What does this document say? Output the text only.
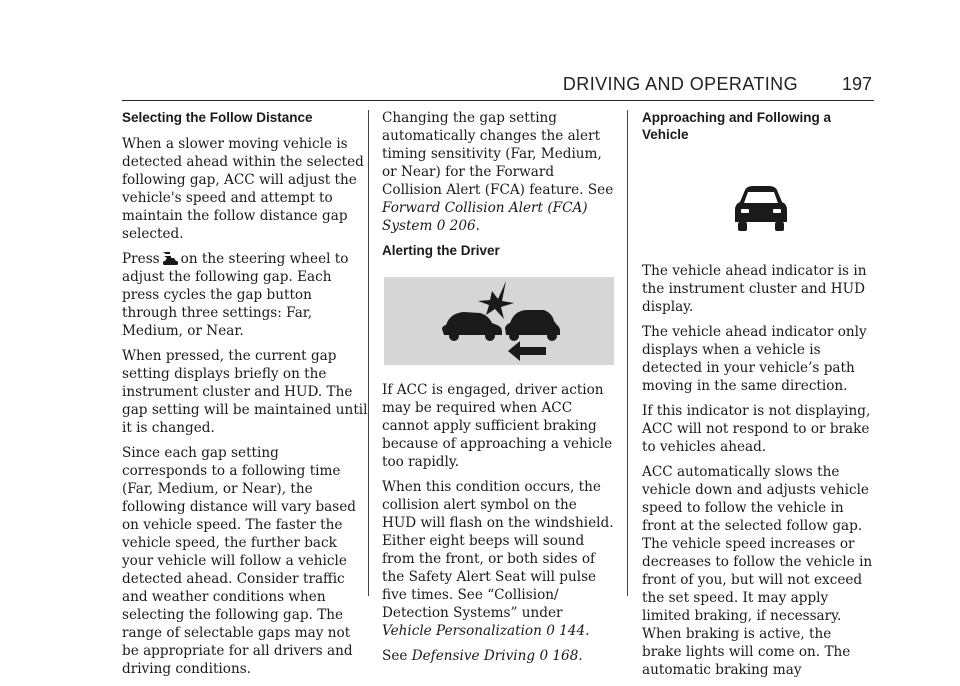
DRIVING AND OPERATING 197
Selecting the Follow Distance

When a slower moving vehicle is detected ahead within the selected following gap, ACC will adjust the vehicle's speed and attempt to maintain the follow distance gap selected.

Press on the steering wheel to adjust the following gap. Each press cycles the gap button through three settings: Far, Medium, or Near.

When pressed, the current gap setting displays briefly on the instrument cluster and HUD. The gap setting will be maintained until it is changed.

Since each gap setting corresponds to a following time (Far, Medium, or Near), the following distance will vary based on vehicle speed. The faster the vehicle speed, the further back your vehicle will follow a vehicle detected ahead. Consider traffic and weather conditions when selecting the following gap. The range of selectable gaps may not be appropriate for all drivers and driving conditions.

Changing the gap setting automatically changes the alert timing sensitivity (Far, Medium, or Near) for the Forward Collision Alert (FCA) feature. See Forward Collision Alert (FCA) System 0 206.

Alerting the Driver

If ACC is engaged, driver action may be required when ACC cannot apply sufficient braking because of approaching a vehicle too rapidly.

When this condition occurs, the collision alert symbol on the HUD will flash on the windshield. Either eight beeps will sound from the front, or both sides of the Safety Alert Seat will pulse five times. See “Collision/ Detection Systems” under Vehicle Personalization 0 144.

See Defensive Driving 0 168.

Approaching and Following a Vehicle

The vehicle ahead indicator is in the instrument cluster and HUD display.

The vehicle ahead indicator only displays when a vehicle is detected in your vehicle’s path moving in the same direction.

If this indicator is not displaying, ACC will not respond to or brake to vehicles ahead.

ACC automatically slows the vehicle down and adjusts vehicle speed to follow the vehicle in front at the selected follow gap. The vehicle speed increases or decreases to follow the vehicle in front of you, but will not exceed the set speed. It may apply limited braking, if necessary. When braking is active, the brake lights will come on. The automatic braking may
